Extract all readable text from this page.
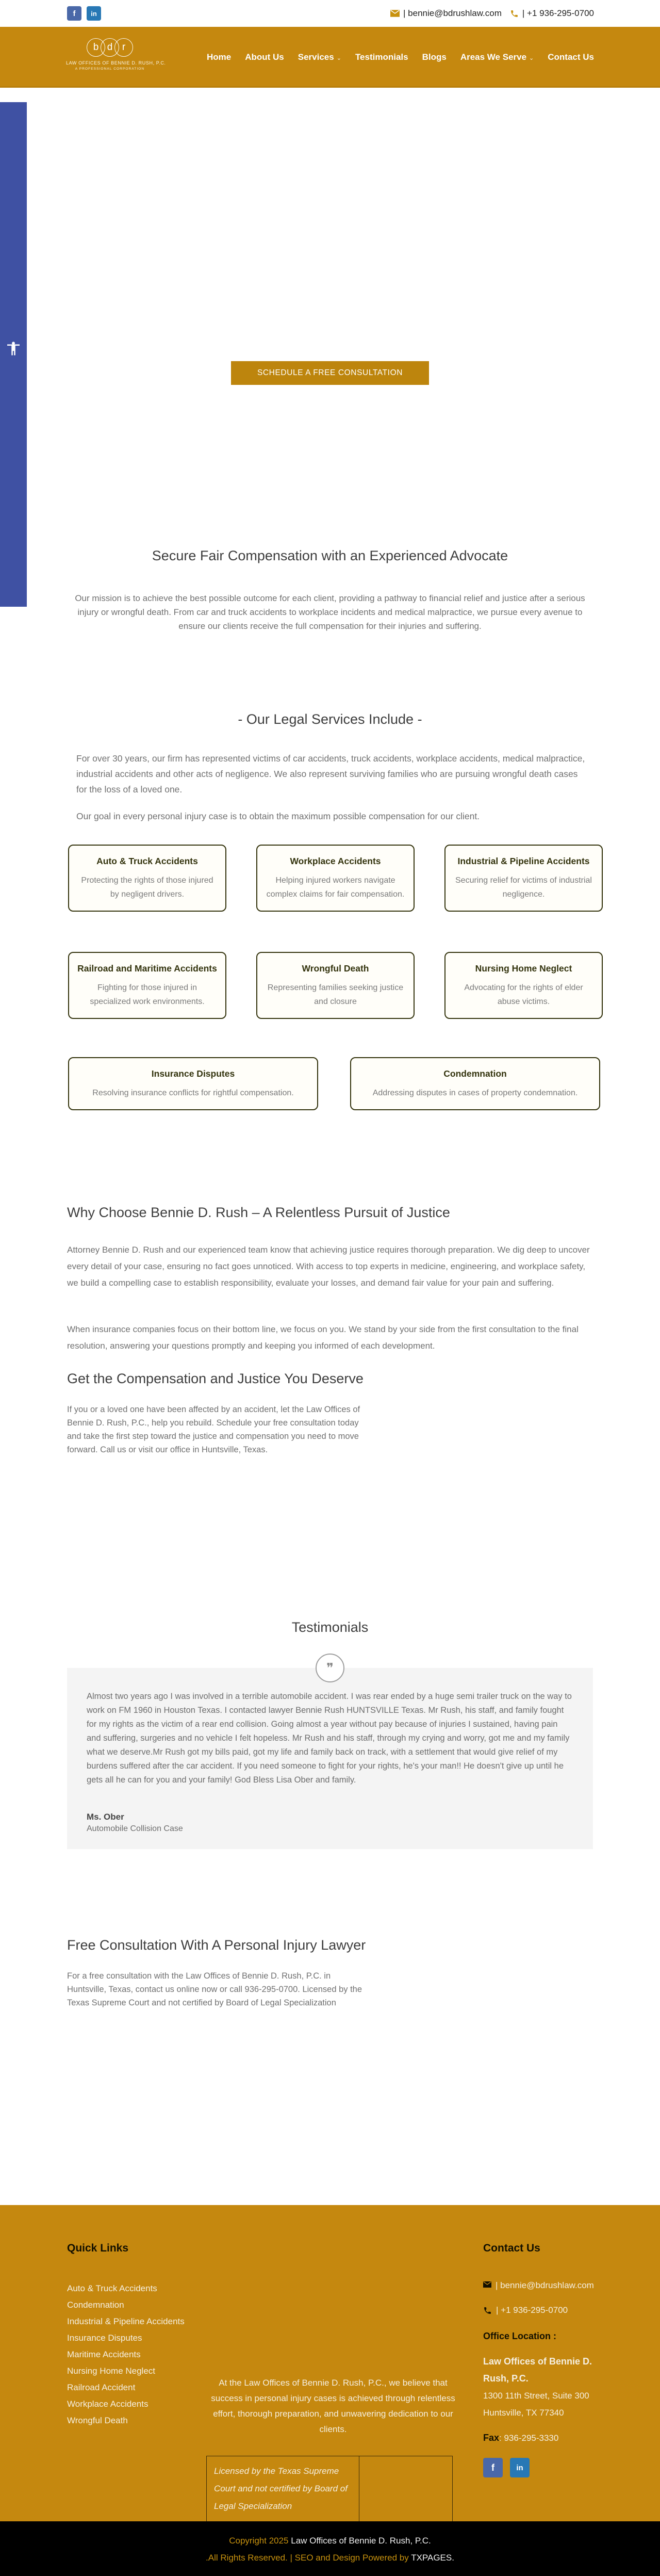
f	in	| bennie@bdrushlaw.com | +1 936-295-0700
b d r
LAW OFFICES OF BENNIE D. RUSH, P.C.
A PROFESSIONAL CORPORATION
Home About Us Services ⌄ Testimonials Blogs Areas We Serve ⌄ Contact Us
SCHEDULE A FREE CONSULTATION
Secure Fair Compensation with an Experienced Advocate

Our mission is to achieve the best possible outcome for each client, providing a pathway to financial relief and justice after a serious injury or wrongful death. From car and truck accidents to workplace incidents and medical malpractice, we pursue every avenue to ensure our clients receive the full compensation for their injuries and suffering.

- Our Legal Services Include -

For over 30 years, our firm has represented victims of car accidents, truck accidents, workplace accidents, medical malpractice, industrial accidents and other acts of negligence. We also represent surviving families who are pursuing wrongful death cases for the loss of a loved one.

Our goal in every personal injury case is to obtain the maximum possible compensation for our client.

Auto & Truck Accidents

Protecting the rights of those injured by negligent drivers.

Workplace Accidents

Helping injured workers navigate complex claims for fair compensation.

Industrial & Pipeline Accidents

Securing relief for victims of industrial negligence.

Railroad and Maritime Accidents

Fighting for those injured in specialized work environments.

Wrongful Death

Representing families seeking justice and closure

Nursing Home Neglect

Advocating for the rights of elder abuse victims.

Insurance Disputes

Resolving insurance conflicts for rightful compensation.

Condemnation

Addressing disputes in cases of property condemnation.

Why Choose Bennie D. Rush – A Relentless Pursuit of Justice

Attorney Bennie D. Rush and our experienced team know that achieving justice requires thorough preparation. We dig deep to uncover every detail of your case, ensuring no fact goes unnoticed. With access to top experts in medicine, engineering, and workplace safety, we build a compelling case to establish responsibility, evaluate your losses, and demand fair value for your pain and suffering.

When insurance companies focus on their bottom line, we focus on you. We stand by your side from the first consultation to the final resolution, answering your questions promptly and keeping you informed of each development.

Get the Compensation and Justice You Deserve

If you or a loved one have been affected by an accident, let the Law Offices of Bennie D. Rush, P.C., help you rebuild. Schedule your free consultation today and take the first step toward the justice and compensation you need to move forward. Call us or visit our office in Huntsville, Texas.

Testimonials
❞

Almost two years ago I was involved in a terrible automobile accident. I was rear ended by a huge semi trailer truck on the way to work on FM 1960 in Houston Texas. I contacted lawyer Bennie Rush HUNTSVILLE Texas. Mr Rush, his staff, and family fought for my rights as the victim of a rear end collision. Going almost a year without pay because of injuries I sustained, having pain and suffering, surgeries and no vehicle I felt hopeless. Mr Rush and his staff, through my crying and worry, got me and my family what we deserve.Mr Rush got my bills paid, got my life and family back on track, with a settlement that would give relief of my burdens suffered after the car accident. If you need someone to fight for your rights, he's your man!! He doesn't give up until he gets all he can for you and your family! God Bless Lisa Ober and family.

Ms. Ober
Automobile Collision Case
Free Consultation With A Personal Injury Lawyer

For a free consultation with the Law Offices of Bennie D. Rush, P.C. in Huntsville, Texas, contact us online now or call 936-295-0700. Licensed by the Texas Supreme Court and not certified by Board of Legal Specialization

Quick Links
Auto & Truck Accidents
Condemnation
Industrial & Pipeline Accidents
Insurance Disputes
Maritime Accidents
Nursing Home Neglect
Railroad Accident
Workplace Accidents
Wrongful Death

At the Law Offices of Bennie D. Rush, P.C., we believe that success in personal injury cases is achieved through relentless effort, thorough preparation, and unwavering dedication to our clients.

Licensed by the Texas Supreme Court and not certified by Board of Legal Specialization
Contact Us
| bennie@bdrushlaw.com
| +1 936-295-0700
Office Location :
Law Offices of Bennie D. Rush, P.C.
1300 11th Street, Suite 300
Huntsville, TX 77340
Fax: 936-295-3330
f	in
Copyright 2025 Law Offices of Bennie D. Rush, P.C.
.All Rights Reserved. | SEO and Design Powered by TXPAGES.
